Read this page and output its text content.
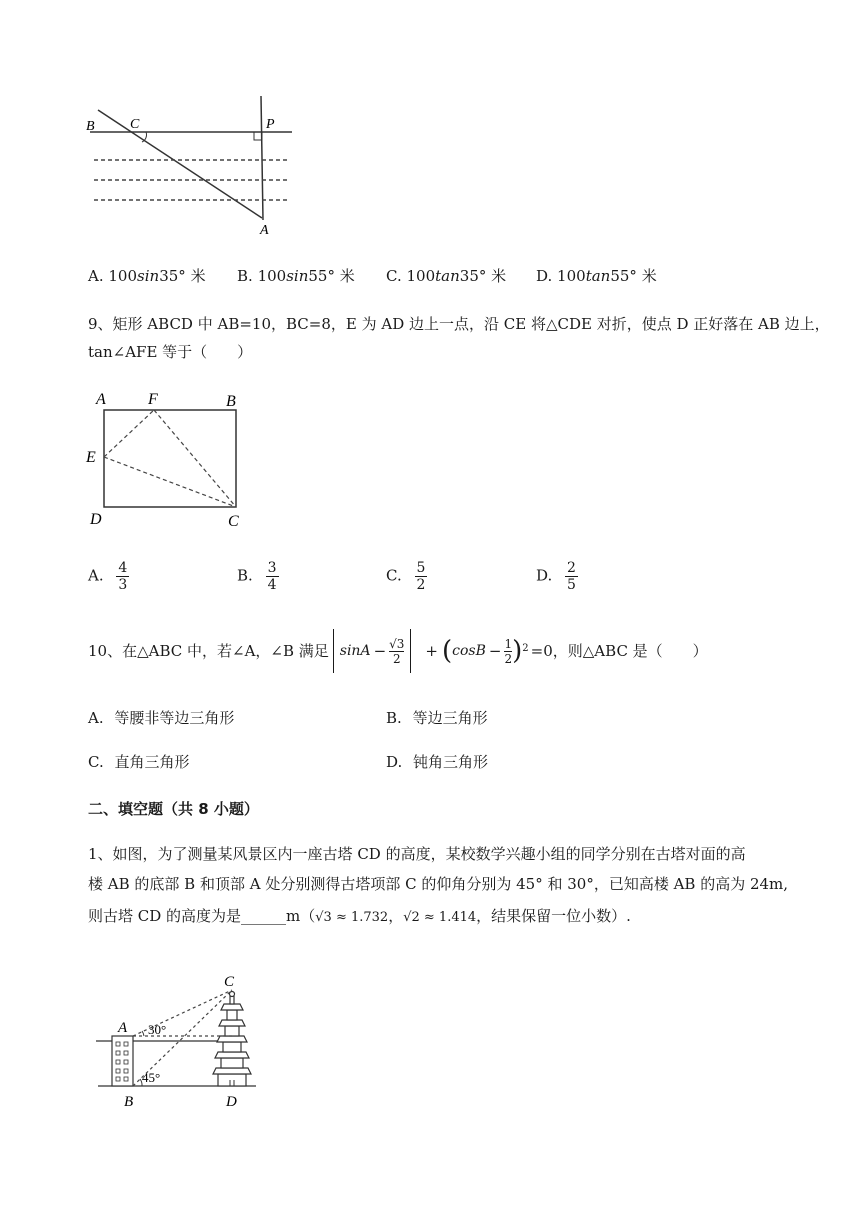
B	C	P
A
A. 100sin35° 米 B. 100sin55° 米 C. 100tan35° 米 D. 100tan55° 米
9、矩形 ABCD 中 AB=10，BC=8，E 为 AD 边上一点，沿 CE 将△CDE 对折，使点 D 正好落在 AB 边上，
tan∠AFE 等于（　　）
A	F	B
E
D	C
A. $\frac{4}{3}$	B. $\frac{3}{4}$	C. $\frac{5}{2}$	D. $\frac{2}{5}$
10、在△ABC 中，若∠A，∠B 满足 $\sin A - \frac{√3}{2}$ + ( $\cos B - \frac{1}{2}$ ) 2 =0，则△ABC 是（　　）
A. 等腰非等边三角形	B. 等边三角形
C. 直角三角形	D. 钝角三角形
二、填空题（共 8 小题）
1、如图，为了测量某风景区内一座古塔 CD 的高度，某校数学兴趣小组的同学分别在古塔对面的高
楼 AB 的底部 B 和顶部 A 处分别测得古塔项部 C 的仰角分别为 45° 和 30°，已知高楼 AB 的高为 24m,
则古塔 CD 的高度为是______m（√3 ≈ 1.732，√2 ≈ 1.414，结果保留一位小数）.
C
A
B	D
30°
45°
